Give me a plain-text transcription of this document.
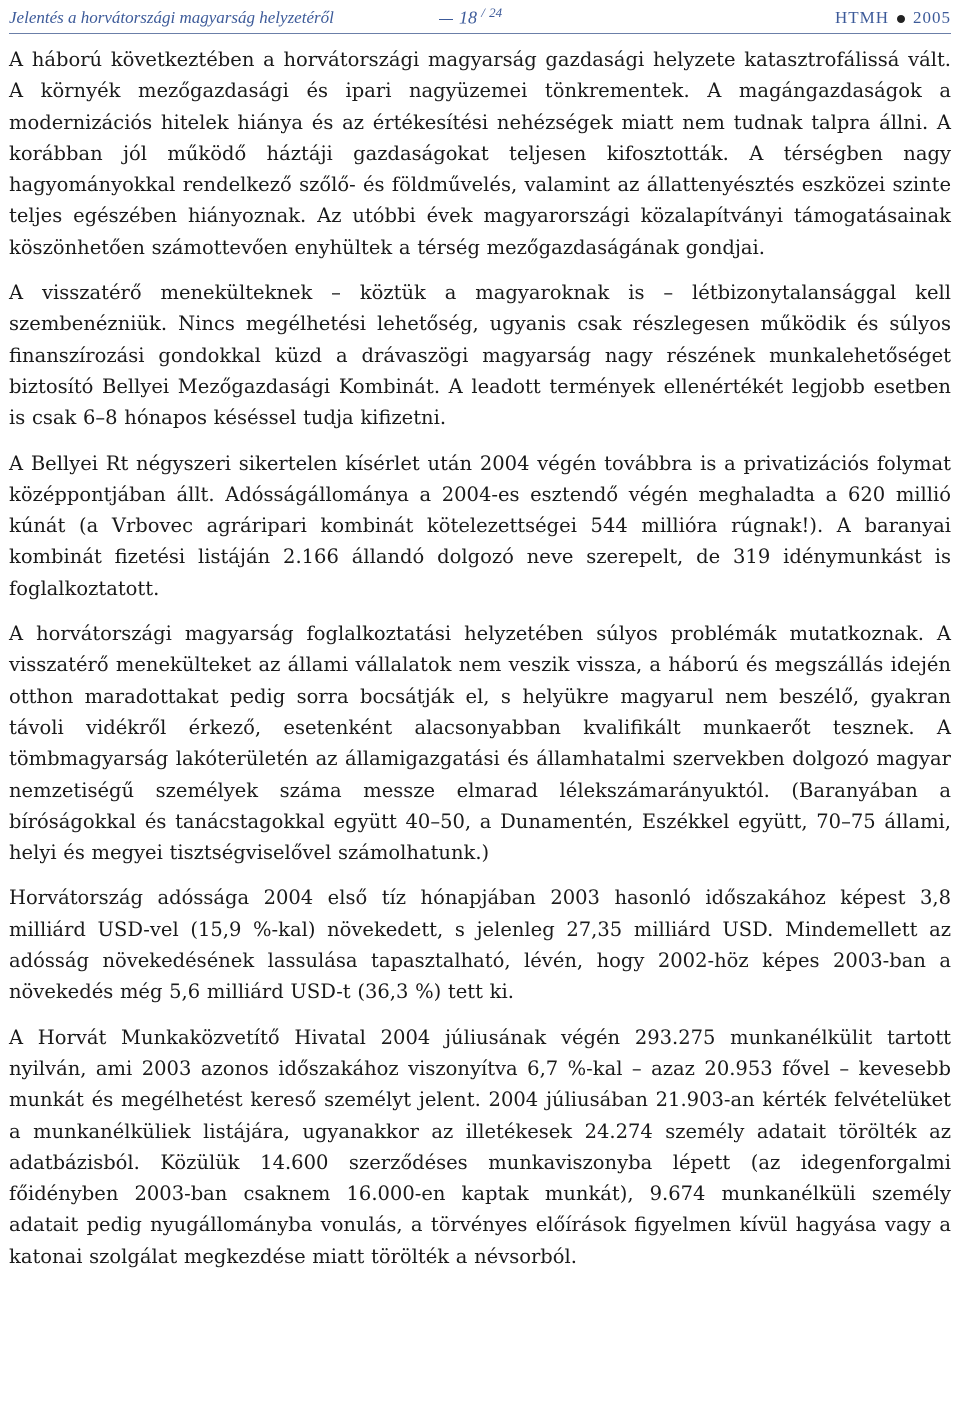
Jelentés a horvátországi magyarság helyzetéről	18 / $^{24}$	HTMH 2005

A háború következtében a horvátországi magyarság gazdasági helyzete katasztrofálissá vált. A környék mezőgazdasági és ipari nagyüzemei tönkrementek. A magángazdaságok a modernizációs hitelek hiánya és az értékesítési nehézségek miatt nem tudnak talpra állni. A korábban jól működő háztáji gazdaságokat teljesen kifosztották. A térségben nagy hagyományokkal rendelkező szőlő- és földművelés, valamint az állattenyésztés eszközei szinte teljes egészében hiányoznak. Az utóbbi évek magyarországi közalapítványi támogatásainak köszönhetően számottevően enyhültek a térség mezőgazdaságának gondjai.

A visszatérő menekülteknek – köztük a magyaroknak is – létbizonytalansággal kell szembenézniük. Nincs megélhetési lehetőség, ugyanis csak részlegesen működik és súlyos finanszírozási gondokkal küzd a drávaszögi magyarság nagy részének munkalehetőséget biztosító Bellyei Mezőgazdasági Kombinát. A leadott termények ellenértékét legjobb esetben is csak 6–8 hónapos késéssel tudja kifizetni.

A Bellyei Rt négyszeri sikertelen kísérlet után 2004 végén továbbra is a privatizációs folymat középpontjában állt. Adósságállománya a 2004-es esztendő végén meghaladta a 620 millió kúnát (a Vrbovec agráripari kombinát kötelezettségei 544 millióra rúgnak!). A baranyai kombinát fizetési listáján 2.166 állandó dolgozó neve szerepelt, de 319 idénymunkást is foglalkoztatott.

A horvátországi magyarság foglalkoztatási helyzetében súlyos problémák mutatkoznak. A visszatérő menekülteket az állami vállalatok nem veszik vissza, a háború és megszállás idején otthon maradottakat pedig sorra bocsátják el, s helyükre magyarul nem beszélő, gyakran távoli vidékről érkező, esetenként alacsonyabban kvalifikált munkaerőt tesznek. A tömbmagyarság lakóterületén az államigazgatási és államhatalmi szervekben dolgozó magyar nemzetiségű személyek száma messze elmarad lélekszámarányuktól. (Baranyában a bíróságokkal és tanácstagokkal együtt 40–50, a Dunamentén, Eszékkel együtt, 70–75 állami, helyi és megyei tisztségviselővel számolhatunk.)

Horvátország adóssága 2004 első tíz hónapjában 2003 hasonló időszakához képest 3,8 milliárd USD-vel (15,9 %-kal) növekedett, s jelenleg 27,35 milliárd USD. Mindemellett az adósság növekedésének lassulása tapasztalható, lévén, hogy 2002-höz képes 2003-ban a növekedés még 5,6 milliárd USD-t (36,3 %) tett ki.

A Horvát Munkaközvetítő Hivatal 2004 júliusának végén 293.275 munkanélkülit tartott nyilván, ami 2003 azonos időszakához viszonyítva 6,7 %-kal – azaz 20.953 fővel – kevesebb munkát és megélhetést kereső személyt jelent. 2004 júliusában 21.903-an kérték felvételüket a munkanélküliek listájára, ugyanakkor az illetékesek 24.274 személy adatait törölték az adatbázisból. Közülük 14.600 szerződéses munkaviszonyba lépett (az idegenforgalmi főidényben 2003-ban csaknem 16.000-en kaptak munkát), 9.674 munkanélküli személy adatait pedig nyugállományba vonulás, a törvényes előírások figyelmen kívül hagyása vagy a katonai szolgálat megkezdése miatt törölték a névsorból.
